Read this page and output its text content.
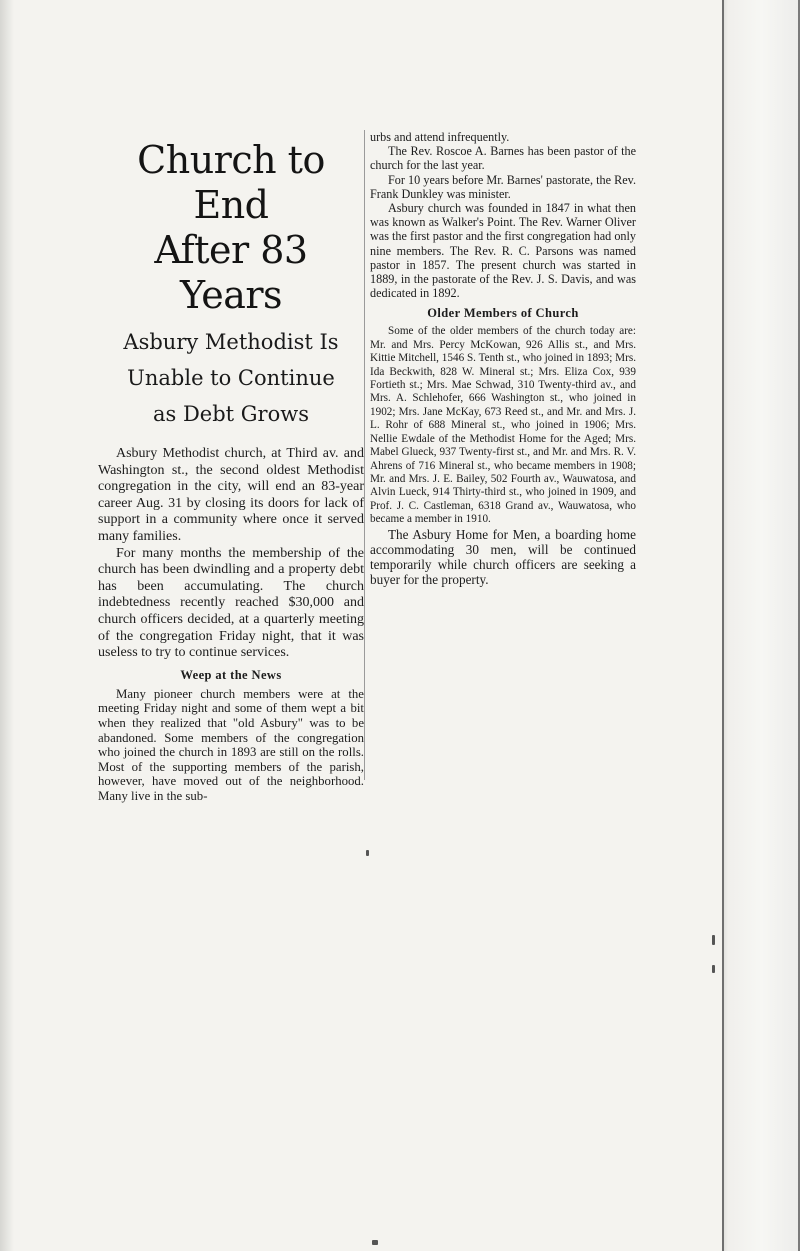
Church to End
After 83 Years
Asbury Methodist Is
Unable to Continue
as Debt Grows

Asbury Methodist church, at Third av. and Washington st., the second oldest Methodist congregation in the city, will end an 83-year career Aug. 31 by closing its doors for lack of support in a community where once it served many families.

For many months the membership of the church has been dwindling and a property debt has been accumulating. The church indebtedness recently reached $30,000 and church officers decided, at a quarterly meeting of the congregation Friday night, that it was useless to try to continue services.

Weep at the News

Many pioneer church members were at the meeting Friday night and some of them wept a bit when they realized that "old Asbury" was to be abandoned. Some members of the congregation who joined the church in 1893 are still on the rolls. Most of the supporting members of the parish, however, have moved out of the neighborhood. Many live in the sub-

urbs and attend infrequently.

The Rev. Roscoe A. Barnes has been pastor of the church for the last year.

For 10 years before Mr. Barnes' pastorate, the Rev. Frank Dunkley was minister.

Asbury church was founded in 1847 in what then was known as Walker's Point. The Rev. Warner Oliver was the first pastor and the first congregation had only nine members. The Rev. R. C. Parsons was named pastor in 1857. The present church was started in 1889, in the pastorate of the Rev. J. S. Davis, and was dedicated in 1892.

Older Members of Church

Some of the older members of the church today are: Mr. and Mrs. Percy McKowan, 926 Allis st., and Mrs. Kittie Mitchell, 1546 S. Tenth st., who joined in 1893; Mrs. Ida Beckwith, 828 W. Mineral st.; Mrs. Eliza Cox, 939 Fortieth st.; Mrs. Mae Schwad, 310 Twenty-third av., and Mrs. A. Schlehofer, 666 Washington st., who joined in 1902; Mrs. Jane McKay, 673 Reed st., and Mr. and Mrs. J. L. Rohr of 688 Mineral st., who joined in 1906; Mrs. Nellie Ewdale of the Methodist Home for the Aged; Mrs. Mabel Glueck, 937 Twenty-first st., and Mr. and Mrs. R. V. Ahrens of 716 Mineral st., who became members in 1908; Mr. and Mrs. J. E. Bailey, 502 Fourth av., Wauwatosa, and Alvin Lueck, 914 Thirty-third st., who joined in 1909, and Prof. J. C. Castleman, 6318 Grand av., Wauwatosa, who became a member in 1910.

The Asbury Home for Men, a boarding home accommodating 30 men, will be continued temporarily while church officers are seeking a buyer for the property.
